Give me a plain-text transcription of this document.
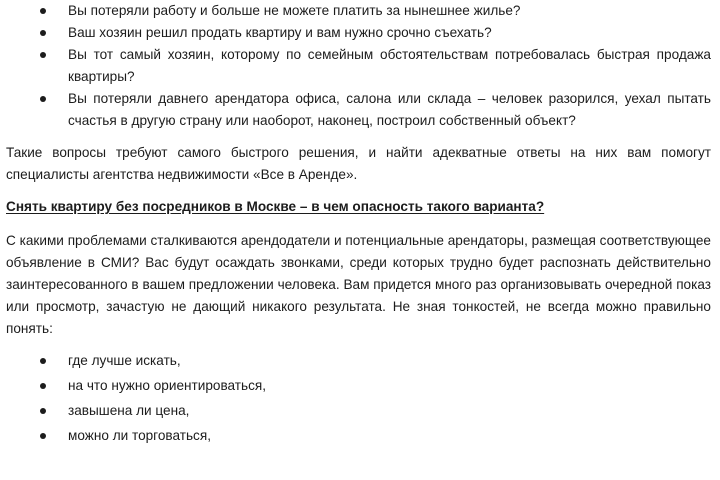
Вы потеряли работу и больше не можете платить за нынешнее жилье?
Ваш хозяин решил продать квартиру и вам нужно срочно съехать?
Вы тот самый хозяин, которому по семейным обстоятельствам потребовалась быстрая продажа квартиры?
Вы потеряли давнего арендатора офиса, салона или склада – человек разорился, уехал пытать счастья в другую страну или наоборот, наконец, построил собственный объект?

Такие вопросы требуют самого быстрого решения, и найти адекватные ответы на них вам помогут специалисты агентства недвижимости «Все в Аренде».

Снять квартиру без посредников в Москве – в чем опасность такого варианта?

С какими проблемами сталкиваются арендодатели и потенциальные арендаторы, размещая соответствующее объявление в СМИ? Вас будут осаждать звонками, среди которых трудно будет распознать действительно заинтересованного в вашем предложении человека. Вам придется много раз организовывать очередной показ или просмотр, зачастую не дающий никакого результата. Не зная тонкостей, не всегда можно правильно понять:

где лучше искать,
на что нужно ориентироваться,
завышена ли цена,
можно ли торговаться,
